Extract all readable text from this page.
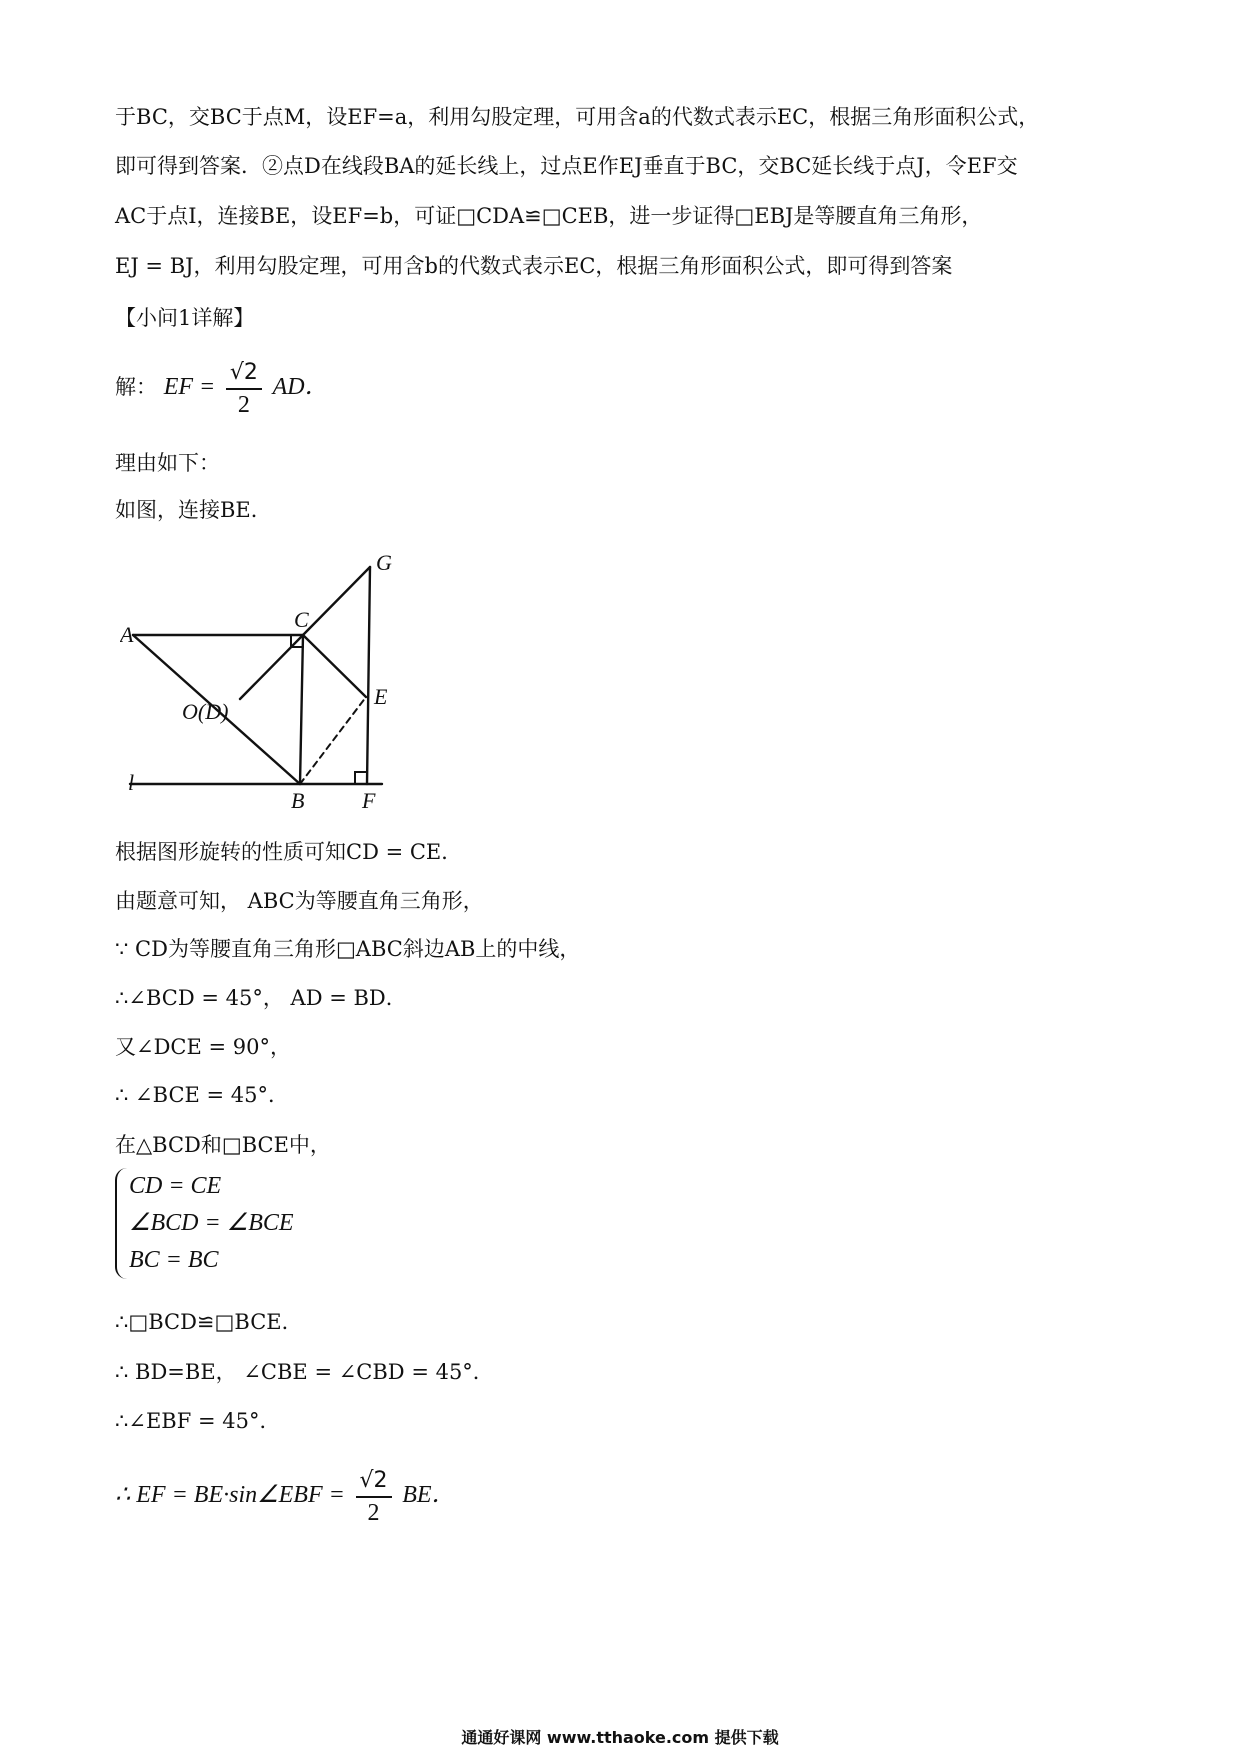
于BC，交BC于点M，设EF=a，利用勾股定理，可用含a的代数式表示EC，根据三角形面积公式，
即可得到答案．②点D在线段BA的延长线上，过点E作EJ垂直于BC，交BC延长线于点J，令EF交
AC于点I，连接BE，设EF=b，可证□CDA≌□CEB，进一步证得□EBJ是等腰直角三角形，
EJ = BJ，利用勾股定理，可用含b的代数式表示EC，根据三角形面积公式，即可得到答案
【小问1详解】
解： EF = $\frac{√2}{2}$ AD．
理由如下：
如图，连接BE．
A
C
G
E
O(D)
l
B	F
根据图形旋转的性质可知CD = CE．
由题意可知， ABC为等腰直角三角形，
∵ CD为等腰直角三角形□ABC斜边AB上的中线，
∴∠BCD = 45°， AD = BD．
又∠DCE = 90°，
∴ ∠BCE = 45°．
在△BCD和□BCE中，
CD = CE
∠BCD = ∠BCE
BC = BC
∴□BCD≌□BCE．
∴ BD=BE， ∠CBE = ∠CBD = 45°．
∴∠EBF = 45°．
∴ EF = BE·sin∠EBF = $\frac{√2}{2}$ BE．
通通好课网 www.tthaoke.com 提供下载
